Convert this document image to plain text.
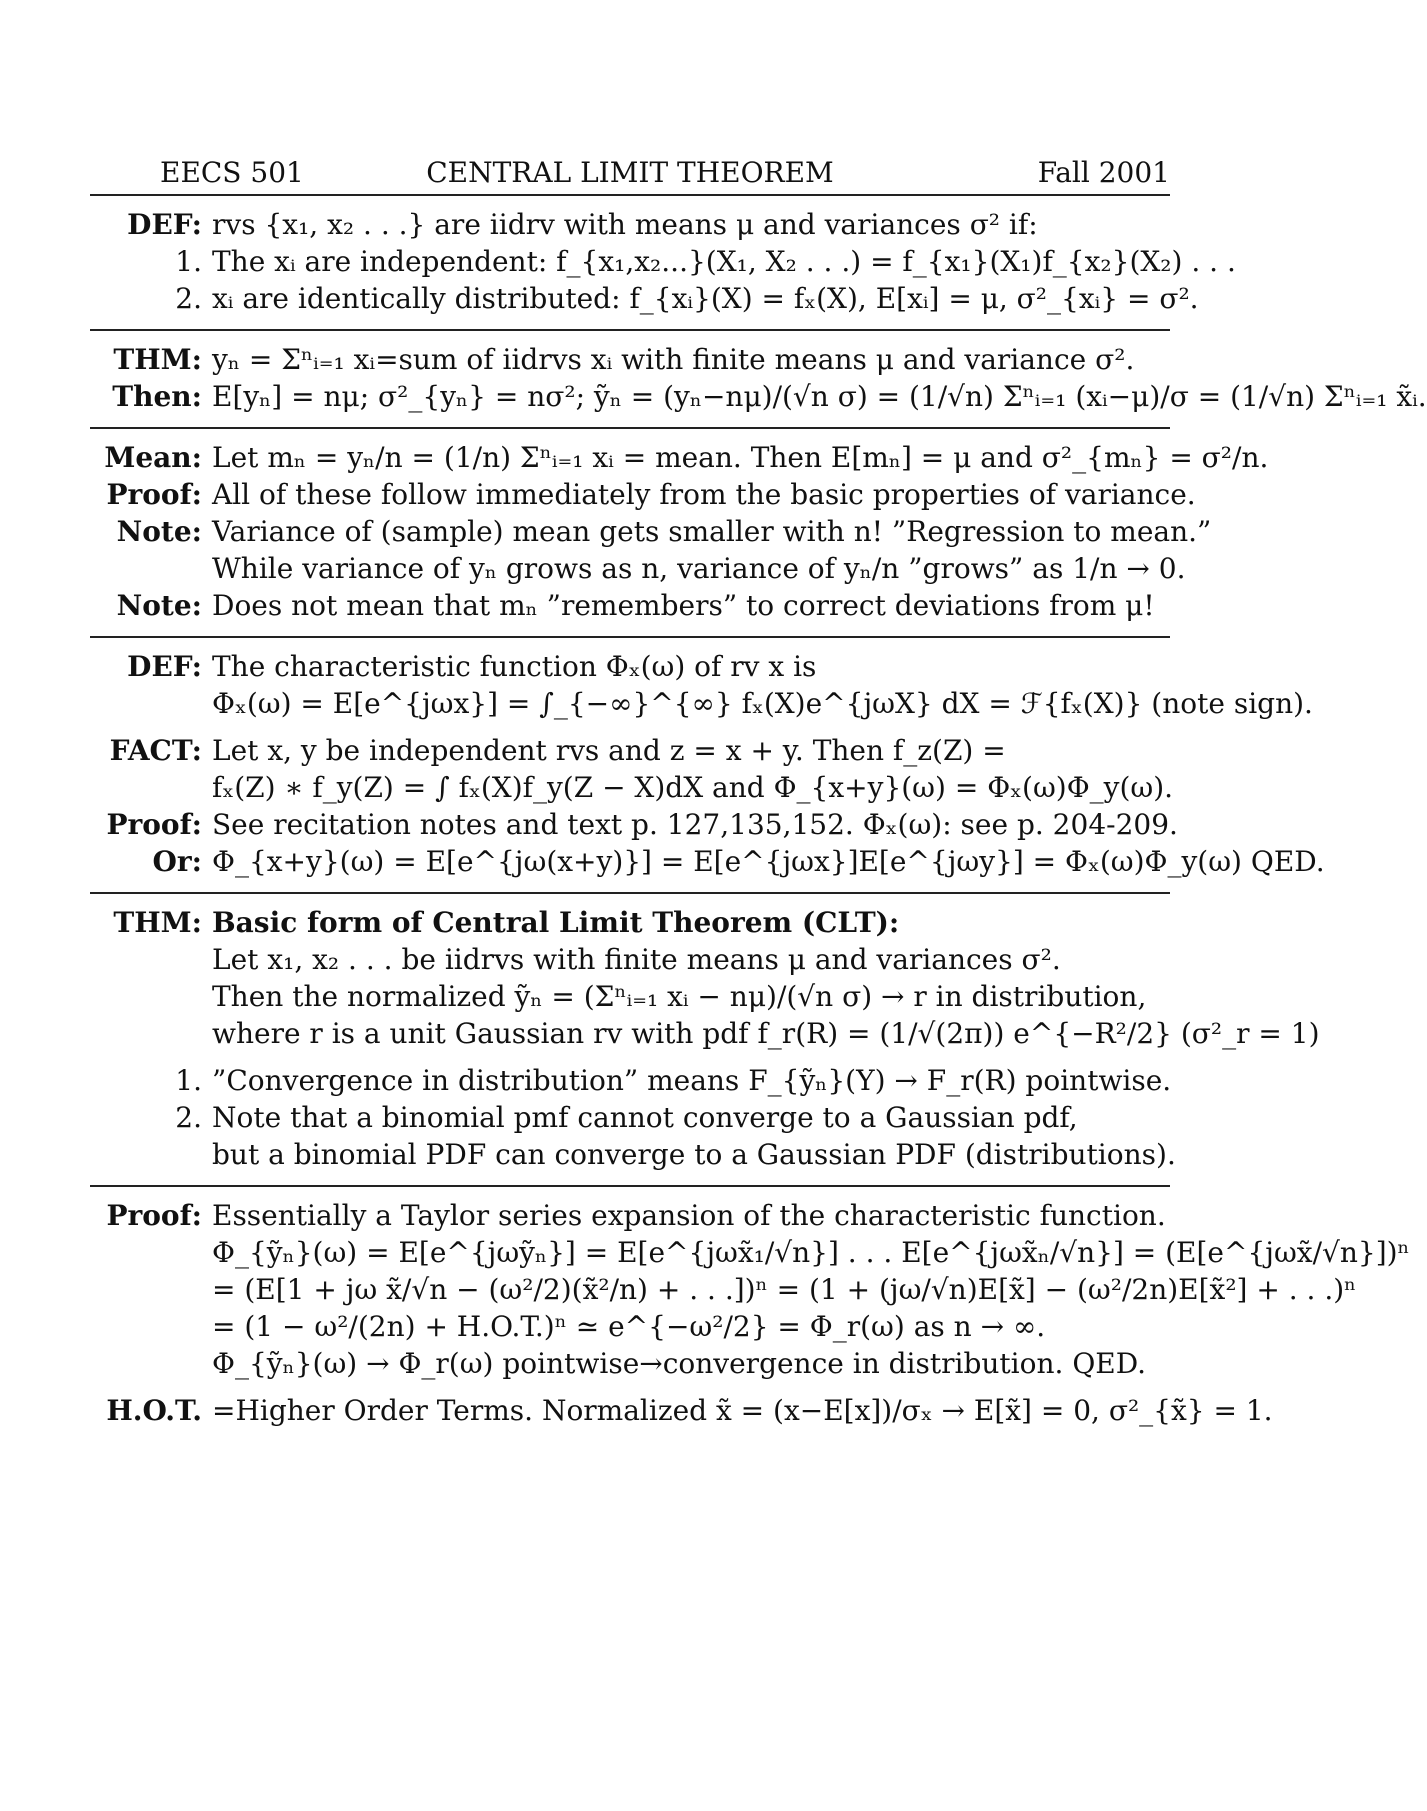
EECS 501	CENTRAL LIMIT THEOREM	Fall 2001
DEF: rvs {x₁, x₂ . . .} are iidrv with means μ and variances σ² if:
1. The xᵢ are independent: f_{x₁,x₂...}(X₁, X₂ . . .) = f_{x₁}(X₁)f_{x₂}(X₂) . . .
2. xᵢ are identically distributed: f_{xᵢ}(X) = fₓ(X), E[xᵢ] = μ, σ²_{xᵢ} = σ².
THM: yₙ = Σⁿᵢ₌₁ xᵢ=sum of iidrvs xᵢ with finite means μ and variance σ².
Then: E[yₙ] = nμ; σ²_{yₙ} = nσ²; ỹₙ = (yₙ−nμ)/(√n σ) = (1/√n) Σⁿᵢ₌₁ (xᵢ−μ)/σ = (1/√n) Σⁿᵢ₌₁ x̃ᵢ.
Mean: Let mₙ = yₙ/n = (1/n) Σⁿᵢ₌₁ xᵢ = mean. Then E[mₙ] = μ and σ²_{mₙ} = σ²/n.
Proof: All of these follow immediately from the basic properties of variance.
Note: Variance of (sample) mean gets smaller with n! ”Regression to mean.”
While variance of yₙ grows as n, variance of yₙ/n ”grows” as 1/n → 0.
Note: Does not mean that mₙ ”remembers” to correct deviations from μ!
DEF: The characteristic function Φₓ(ω) of rv x is
Φₓ(ω) = E[e^{jωx}] = ∫_{−∞}^{∞} fₓ(X)e^{jωX} dX = ℱ{fₓ(X)} (note sign).
FACT: Let x, y be independent rvs and z = x + y. Then f_z(Z) =
fₓ(Z) ∗ f_y(Z) = ∫ fₓ(X)f_y(Z − X)dX and Φ_{x+y}(ω) = Φₓ(ω)Φ_y(ω).
Proof: See recitation notes and text p. 127,135,152. Φₓ(ω): see p. 204-209.
Or: Φ_{x+y}(ω) = E[e^{jω(x+y)}] = E[e^{jωx}]E[e^{jωy}] = Φₓ(ω)Φ_y(ω) QED.
THM: Basic form of Central Limit Theorem (CLT):
Let x₁, x₂ . . . be iidrvs with finite means μ and variances σ².
Then the normalized ỹₙ = (Σⁿᵢ₌₁ xᵢ − nμ)/(√n σ) → r in distribution,
where r is a unit Gaussian rv with pdf f_r(R) = (1/√(2π)) e^{−R²/2} (σ²_r = 1)
1. ”Convergence in distribution” means F_{ỹₙ}(Y) → F_r(R) pointwise.
2. Note that a binomial pmf cannot converge to a Gaussian pdf,
but a binomial PDF can converge to a Gaussian PDF (distributions).
Proof: Essentially a Taylor series expansion of the characteristic function.
Φ_{ỹₙ}(ω) = E[e^{jωỹₙ}] = E[e^{jωx̃₁/√n}] . . . E[e^{jωx̃ₙ/√n}] = (E[e^{jωx̃/√n}])ⁿ
= (E[1 + jω x̃/√n − (ω²/2)(x̃²/n) + . . .])ⁿ = (1 + (jω/√n)E[x̃] − (ω²/2n)E[x̃²] + . . .)ⁿ
= (1 − ω²/(2n) + H.O.T.)ⁿ ≃ e^{−ω²/2} = Φ_r(ω) as n → ∞.
Φ_{ỹₙ}(ω) → Φ_r(ω) pointwise→convergence in distribution. QED.
H.O.T. =Higher Order Terms. Normalized x̃ = (x−E[x])/σₓ → E[x̃] = 0, σ²_{x̃} = 1.
